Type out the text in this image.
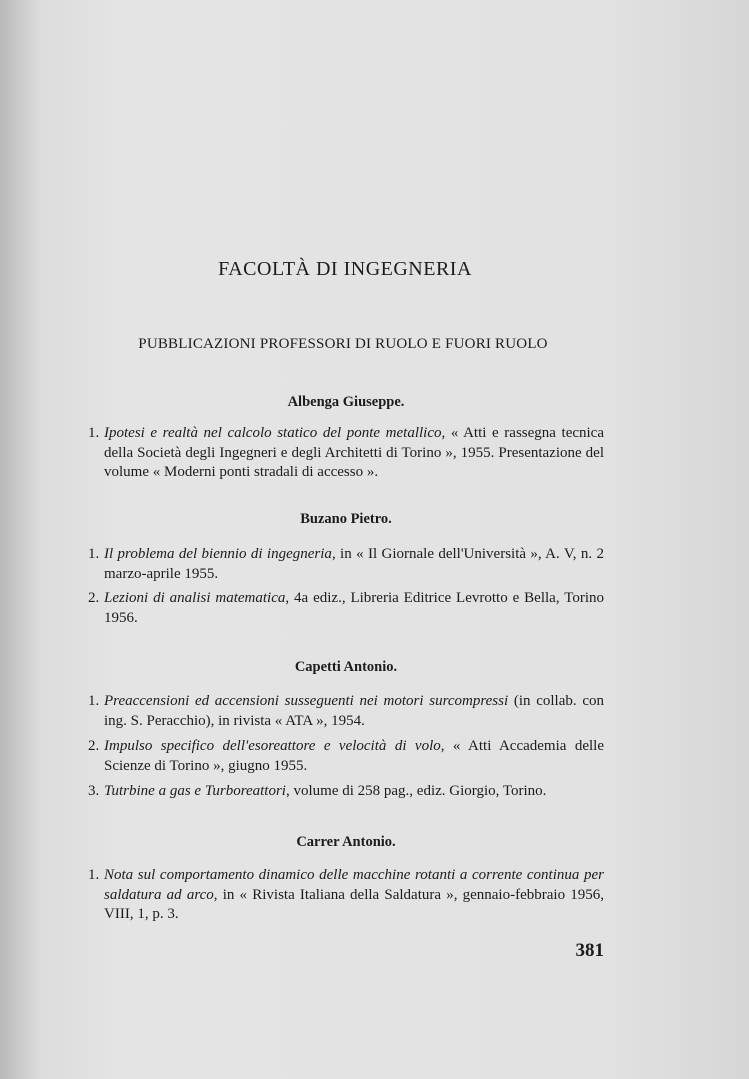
FACOLTÀ DI INGEGNERIA
PUBBLICAZIONI PROFESSORI DI RUOLO E FUORI RUOLO
Albenga Giuseppe.
1. Ipotesi e realtà nel calcolo statico del ponte metallico, « Atti e rassegna tecnica della Società degli Ingegneri e degli Architetti di Torino », 1955. Presentazione del volume « Moderni ponti stradali di accesso ».
Buzano Pietro.
1. Il problema del biennio di ingegneria, in « Il Giornale dell'Università », A. V, n. 2 marzo-aprile 1955.
2. Lezioni di analisi matematica, 4a ediz., Libreria Editrice Levrotto e Bella, Torino 1956.
Capetti Antonio.
1. Preaccensioni ed accensioni susseguenti nei motori surcompressi (in collab. con ing. S. Peracchio), in rivista « ATA », 1954.
2. Impulso specifico dell'esoreattore e velocità di volo, « Atti Accademia delle Scienze di Torino », giugno 1955.
3. Tutrbine a gas e Turboreattori, volume di 258 pag., ediz. Giorgio, Torino.
Carrer Antonio.
1. Nota sul comportamento dinamico delle macchine rotanti a corrente continua per saldatura ad arco, in « Rivista Italiana della Saldatura », gennaio-febbraio 1956, VIII, 1, p. 3.
381
